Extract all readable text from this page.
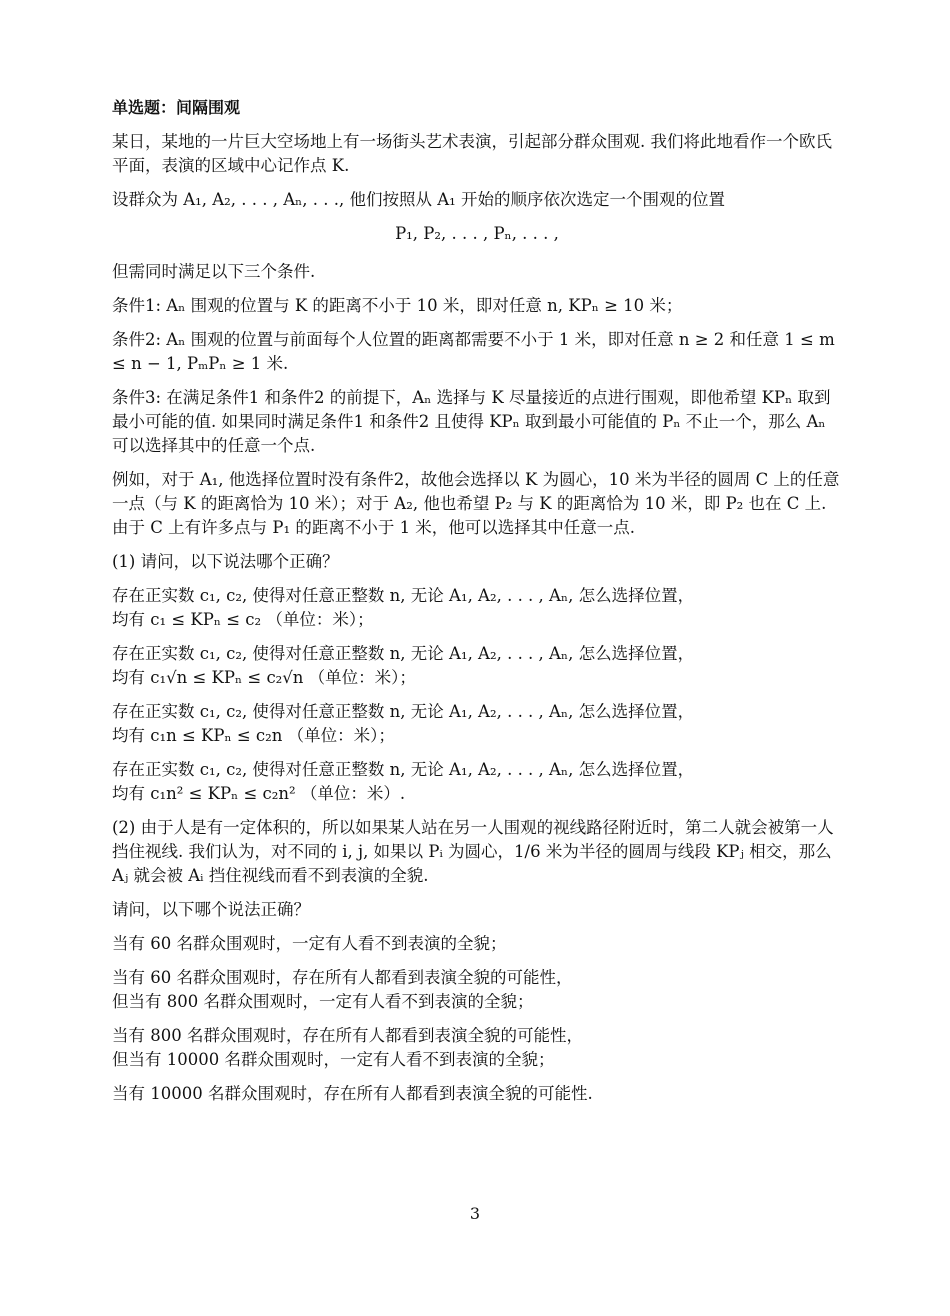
单选题：间隔围观

某日，某地的一片巨大空场地上有一场街头艺术表演，引起部分群众围观. 我们将此地看作一个欧氏平面，表演的区域中心记作点 K.

设群众为 A₁, A₂, . . . , Aₙ, . . ., 他们按照从 A₁ 开始的顺序依次选定一个围观的位置

P₁, P₂, . . . , Pₙ, . . . ,

但需同时满足以下三个条件.

条件1: Aₙ 围观的位置与 K 的距离不小于 10 米，即对任意 n, KPₙ ≥ 10 米；

条件2: Aₙ 围观的位置与前面每个人位置的距离都需要不小于 1 米，即对任意 n ≥ 2 和任意 1 ≤ m ≤ n − 1, PₘPₙ ≥ 1 米.

条件3: 在满足条件1 和条件2 的前提下，Aₙ 选择与 K 尽量接近的点进行围观，即他希望 KPₙ 取到最小可能的值. 如果同时满足条件1 和条件2 且使得 KPₙ 取到最小可能值的 Pₙ 不止一个，那么 Aₙ 可以选择其中的任意一个点.

例如，对于 A₁, 他选择位置时没有条件2，故他会选择以 K 为圆心，10 米为半径的圆周 C 上的任意一点（与 K 的距离恰为 10 米）；对于 A₂, 他也希望 P₂ 与 K 的距离恰为 10 米，即 P₂ 也在 C 上. 由于 C 上有许多点与 P₁ 的距离不小于 1 米，他可以选择其中任意一点.

(1) 请问，以下说法哪个正确？

存在正实数 c₁, c₂, 使得对任意正整数 n, 无论 A₁, A₂, . . . , Aₙ, 怎么选择位置，
均有 c₁ ≤ KPₙ ≤ c₂ （单位：米）；

存在正实数 c₁, c₂, 使得对任意正整数 n, 无论 A₁, A₂, . . . , Aₙ, 怎么选择位置，
均有 c₁√n ≤ KPₙ ≤ c₂√n （单位：米）；

存在正实数 c₁, c₂, 使得对任意正整数 n, 无论 A₁, A₂, . . . , Aₙ, 怎么选择位置，
均有 c₁n ≤ KPₙ ≤ c₂n （单位：米）；

存在正实数 c₁, c₂, 使得对任意正整数 n, 无论 A₁, A₂, . . . , Aₙ, 怎么选择位置，
均有 c₁n² ≤ KPₙ ≤ c₂n² （单位：米）.

(2) 由于人是有一定体积的，所以如果某人站在另一人围观的视线路径附近时，第二人就会被第一人挡住视线. 我们认为，对不同的 i, j, 如果以 Pᵢ 为圆心，1/6 米为半径的圆周与线段 KPⱼ 相交，那么 Aⱼ 就会被 Aᵢ 挡住视线而看不到表演的全貌.

请问，以下哪个说法正确？

当有 60 名群众围观时，一定有人看不到表演的全貌；

当有 60 名群众围观时，存在所有人都看到表演全貌的可能性，
但当有 800 名群众围观时，一定有人看不到表演的全貌；

当有 800 名群众围观时，存在所有人都看到表演全貌的可能性，
但当有 10000 名群众围观时，一定有人看不到表演的全貌；

当有 10000 名群众围观时，存在所有人都看到表演全貌的可能性.

3
